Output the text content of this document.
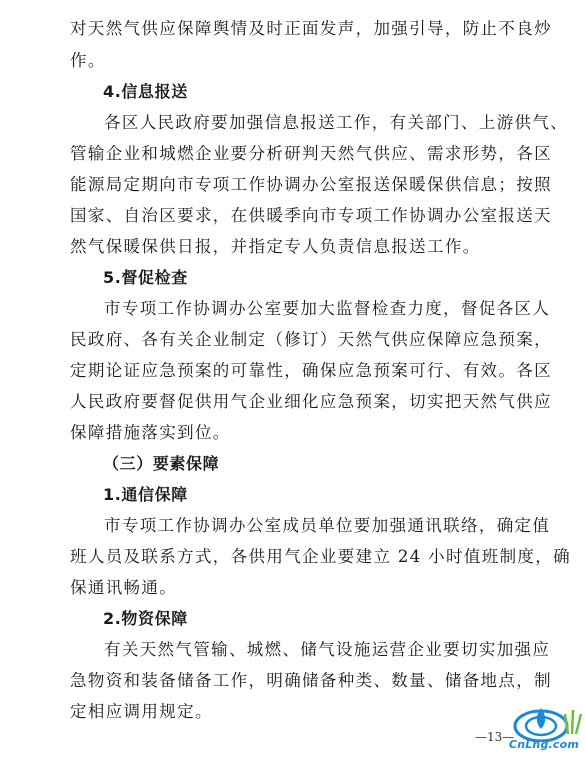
对天然气供应保障舆情及时正面发声，加强引导，防止不良炒
作。
4.信息报送
各区人民政府要加强信息报送工作，有关部门、上游供气、
管输企业和城燃企业要分析研判天然气供应、需求形势，各区
能源局定期向市专项工作协调办公室报送保暖保供信息；按照
国家、自治区要求，在供暖季向市专项工作协调办公室报送天
然气保暖保供日报，并指定专人负责信息报送工作。
5.督促检查
市专项工作协调办公室要加大监督检查力度，督促各区人
民政府、各有关企业制定（修订）天然气供应保障应急预案，
定期论证应急预案的可靠性，确保应急预案可行、有效。各区
人民政府要督促供用气企业细化应急预案，切实把天然气供应
保障措施落实到位。
（三）要素保障
1.通信保障
市专项工作协调办公室成员单位要加强通讯联络，确定值
班人员及联系方式，各供用气企业要建立 24 小时值班制度，确
保通讯畅通。
2.物资保障
有关天然气管输、城燃、储气设施运营企业要切实加强应
急物资和装备储备工作，明确储备种类、数量、储备地点，制
定相应调用规定。
—13—
CnLng.com
